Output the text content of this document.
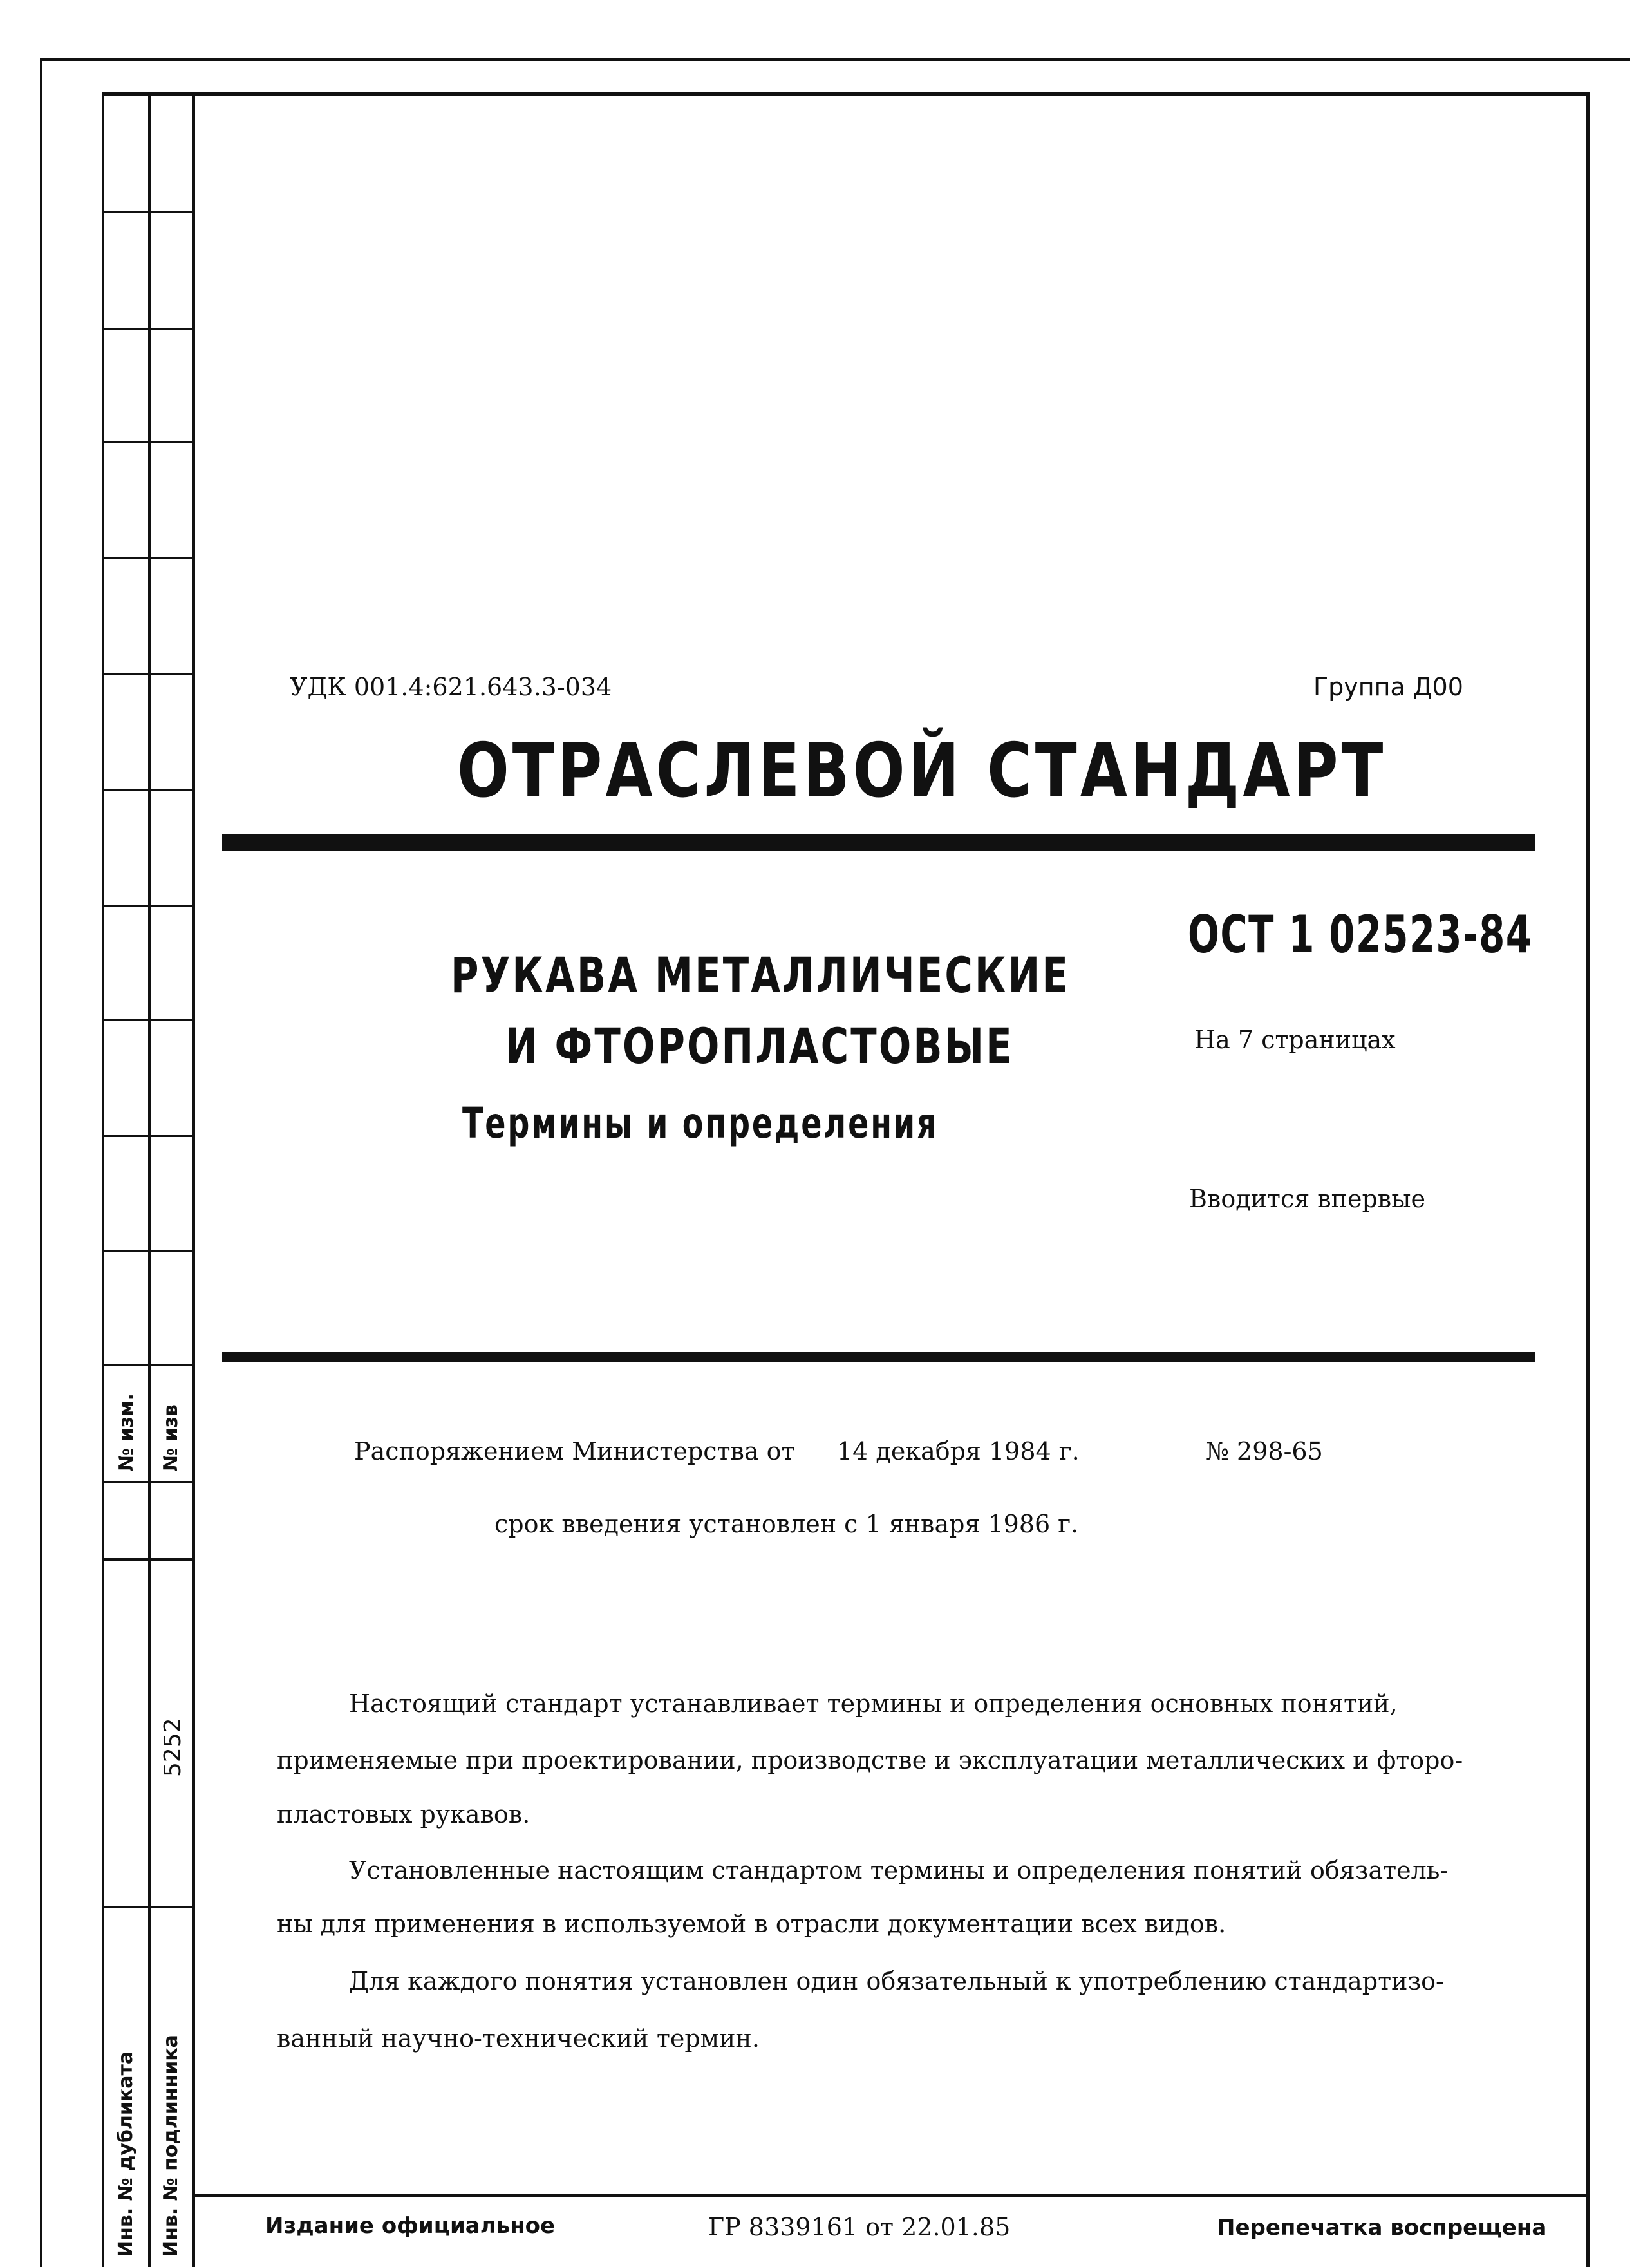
№ изм. № изв
5252
Инв. № дубликата Инв. № подлинника
УДК 001.4:621.643.3-034	Группа Д00
ОТРАСЛЕВОЙ СТАНДАРТ
РУКАВА МЕТАЛЛИЧЕСКИЕ
И ФТОРОПЛАСТОВЫЕ
Термины и определения
ОСТ 1 02523-84
На 7 страницах
Вводится впервые
Распоряжением Министерства от 14 декабря 1984 г.	№ 298-65
срок введения установлен с 1 января 1986 г.
Настоящий стандарт устанавливает термины и определения основных понятий,
применяемые при проектировании, производстве и эксплуатации металлических и фторо-
пластовых рукавов.
Установленные настоящим стандартом термины и определения понятий обязатель-
ны для применения в используемой в отрасли документации всех видов.
Для каждого понятия установлен один обязательный к употреблению стандартизо-
ванный научно-технический термин.
Издание официальное	ГР 8339161 от 22.01.85	Перепечатка воспрещена
